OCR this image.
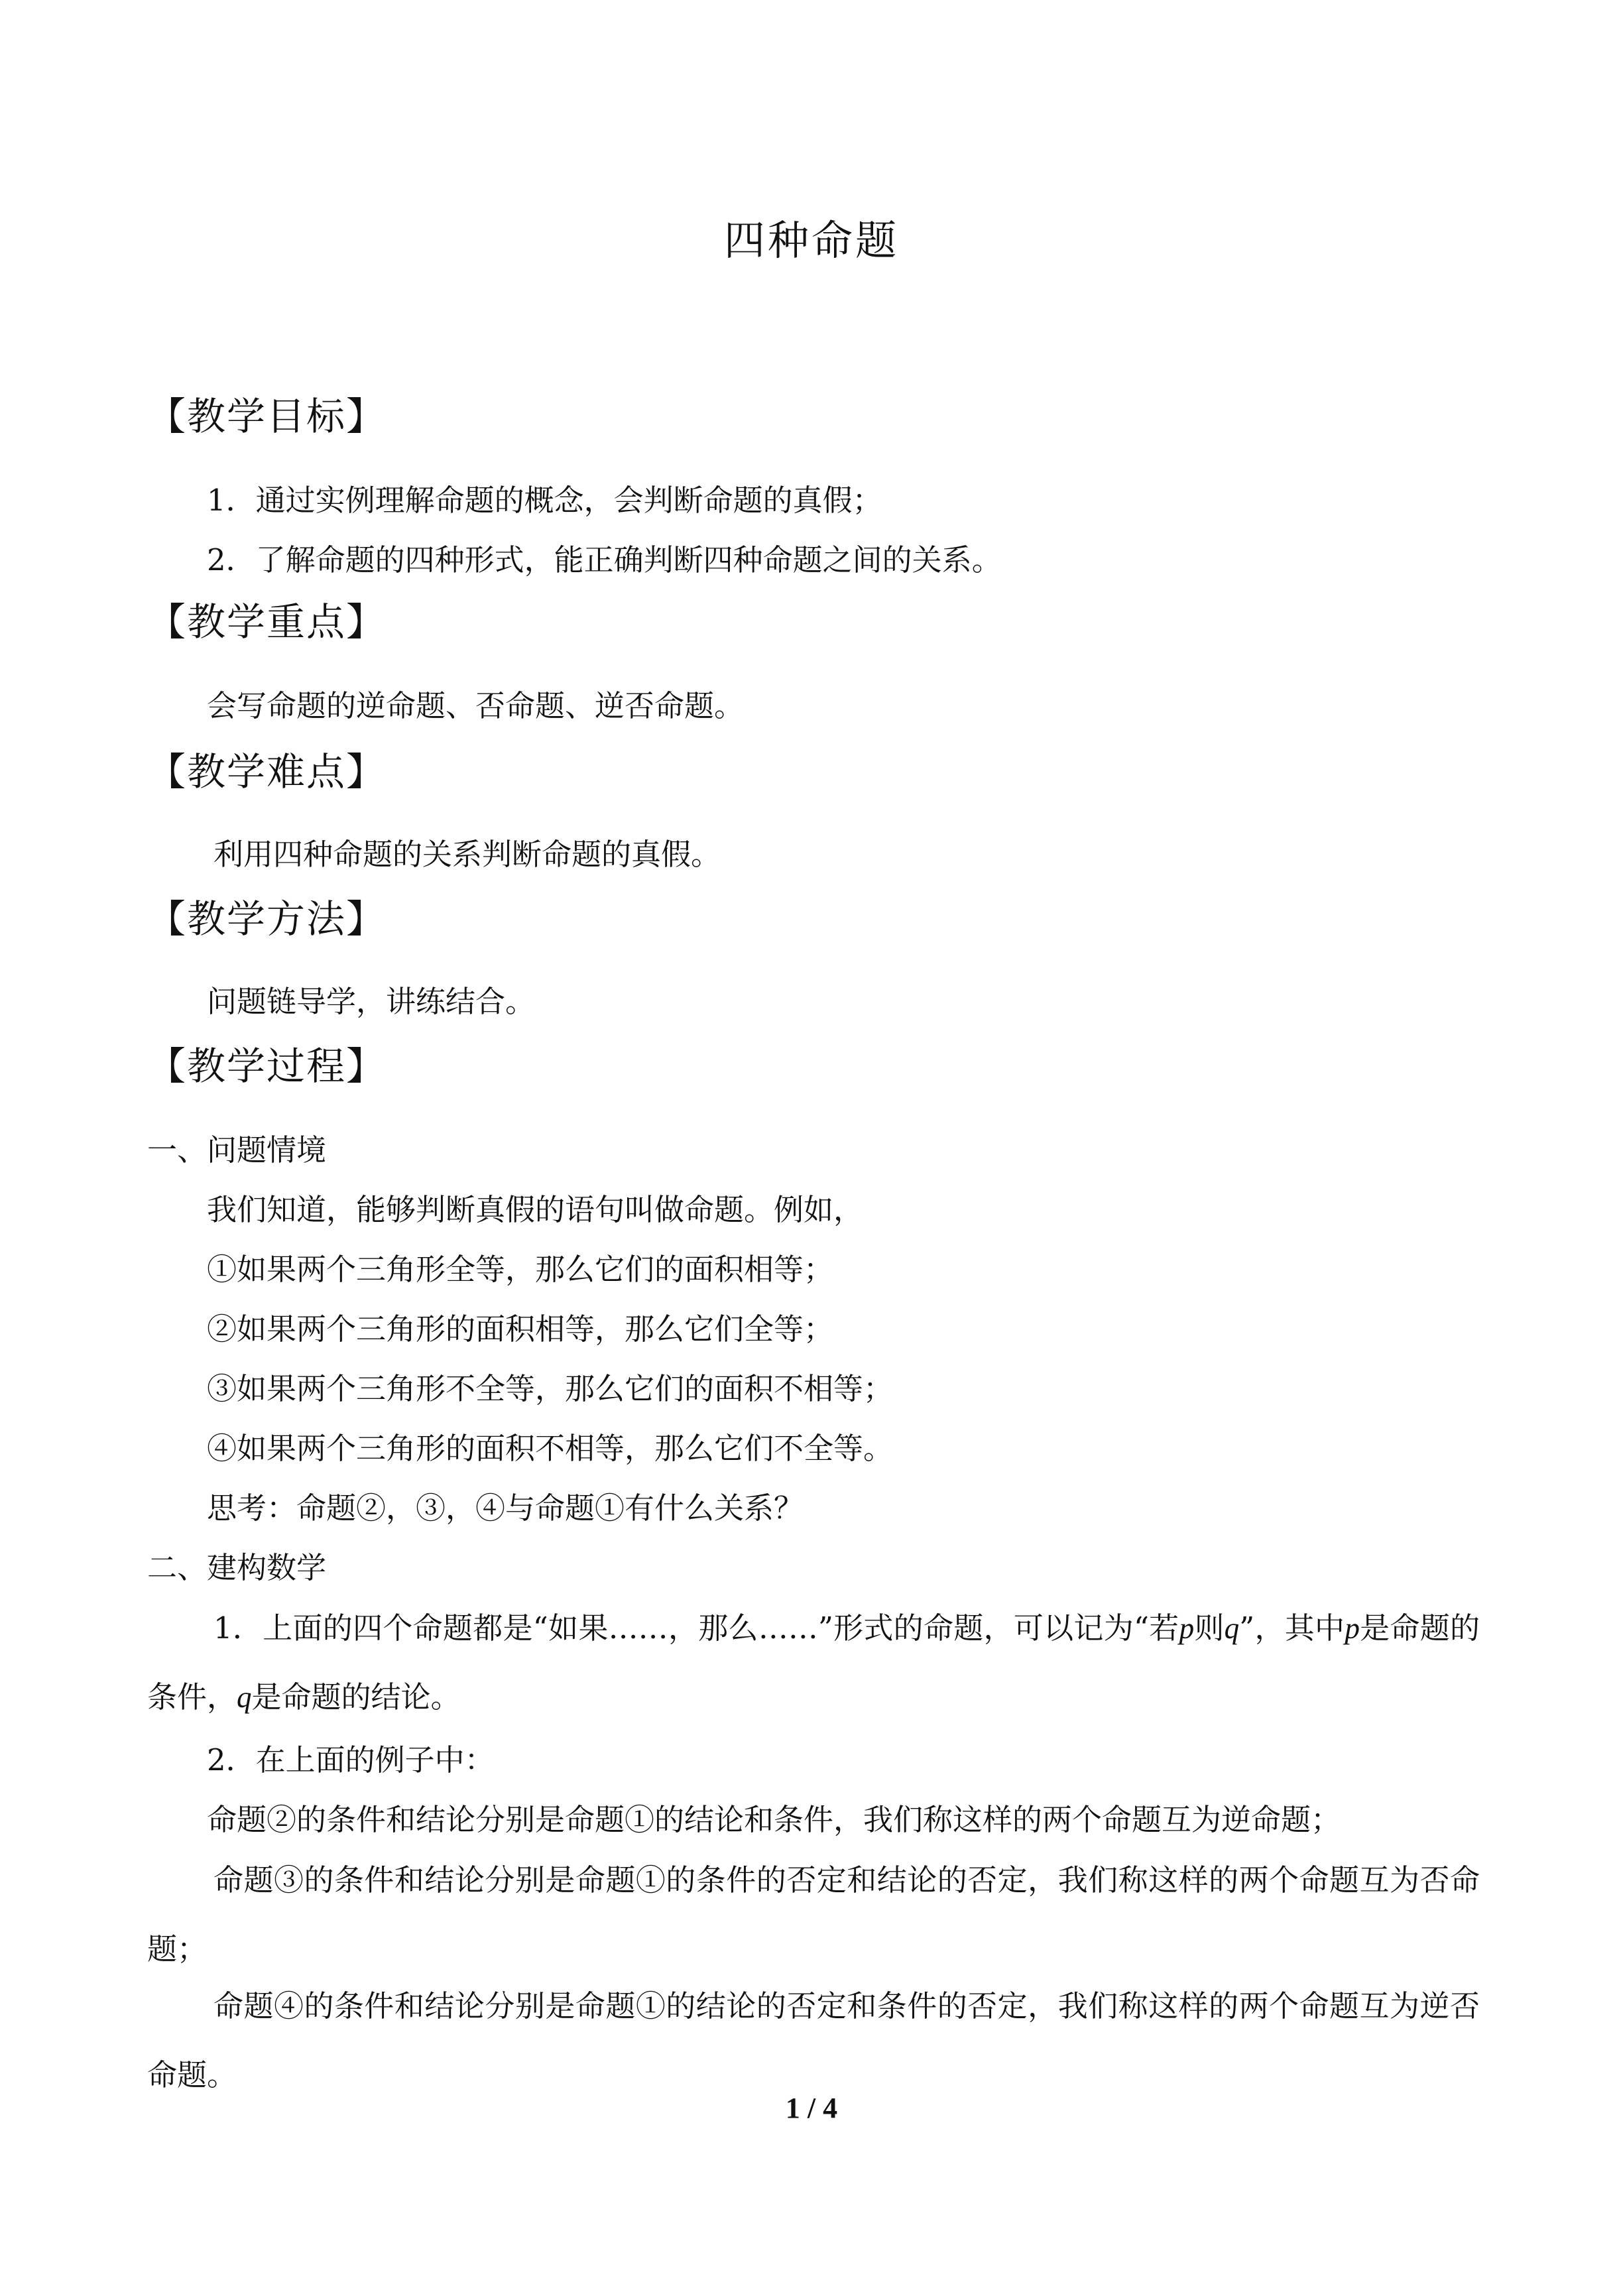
四种命题
【教学目标】

1．通过实例理解命题的概念，会判断命题的真假；

2．了解命题的四种形式，能正确判断四种命题之间的关系。

【教学重点】

会写命题的逆命题、否命题、逆否命题。

【教学难点】

利用四种命题的关系判断命题的真假。

【教学方法】

问题链导学，讲练结合。

【教学过程】

一、问题情境

我们知道，能够判断真假的语句叫做命题。例如，

①如果两个三角形全等，那么它们的面积相等；

②如果两个三角形的面积相等，那么它们全等；

③如果两个三角形不全等，那么它们的面积不相等；

④如果两个三角形的面积不相等，那么它们不全等。

思考：命题②，③，④与命题①有什么关系？

二、建构数学

1．上面的四个命题都是“如果……，那么……”形式的命题，可以记为“若p则q”，其中p是命题的条件，q是命题的结论。

2．在上面的例子中：

命题②的条件和结论分别是命题①的结论和条件，我们称这样的两个命题互为逆命题；

命题③的条件和结论分别是命题①的条件的否定和结论的否定，我们称这样的两个命题互为否命题；

命题④的条件和结论分别是命题①的结论的否定和条件的否定，我们称这样的两个命题互为逆否命题。

1 / 4
